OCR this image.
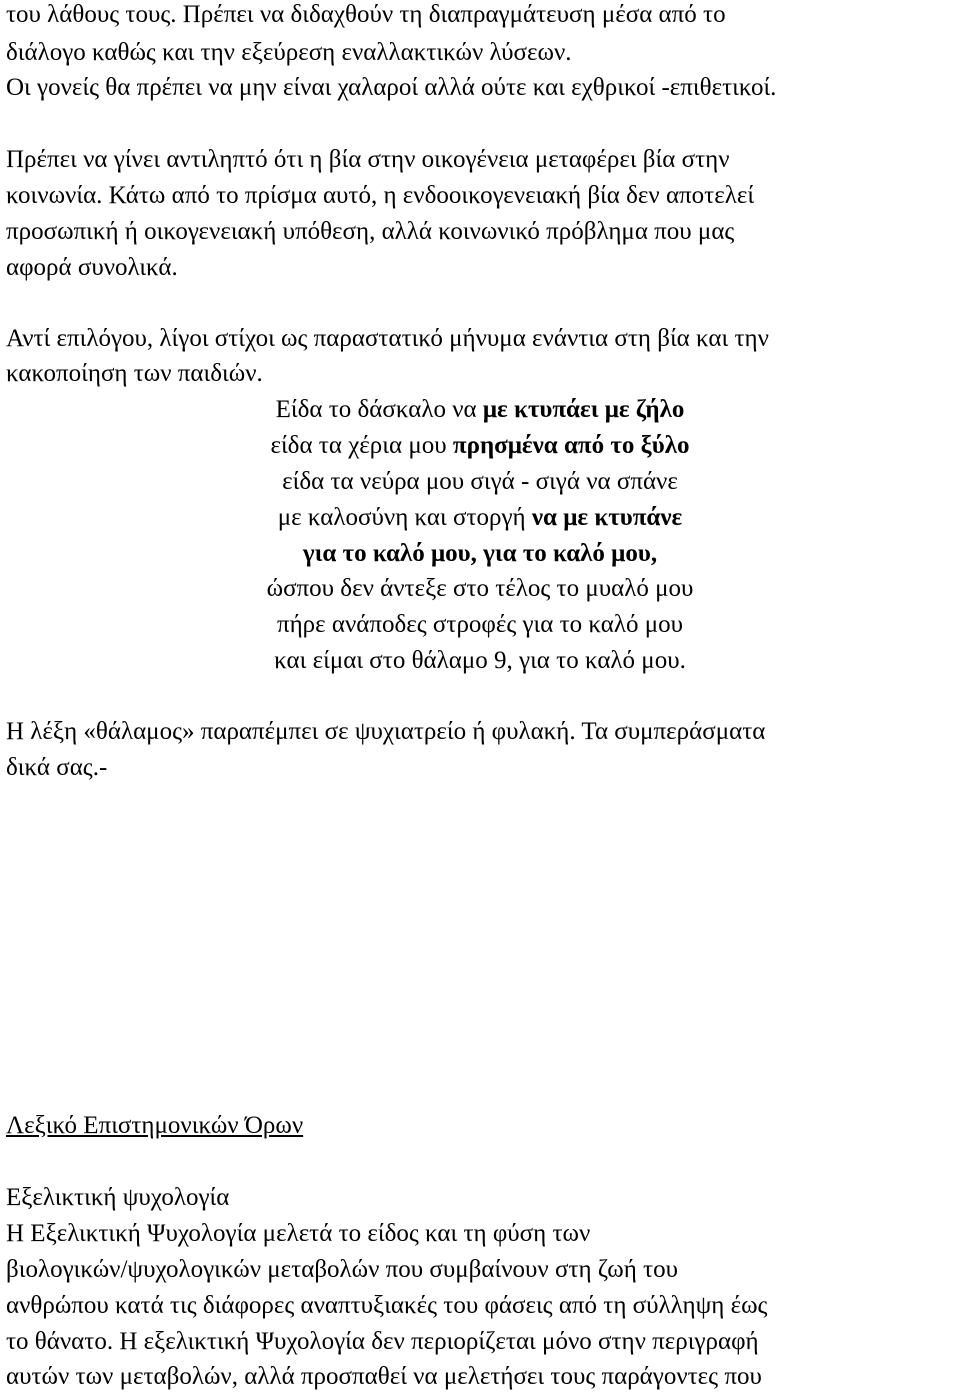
του λάθους τους. Πρέπει να διδαχθούν τη διαπραγμάτευση μέσα από το
διάλογο καθώς και την εξεύρεση εναλλακτικών λύσεων.
Οι γονείς θα πρέπει να μην είναι χαλαροί αλλά ούτε και εχθρικοί -επιθετικοί.
Πρέπει να γίνει αντιληπτό ότι η βία στην οικογένεια μεταφέρει βία στην
κοινωνία. Κάτω από το πρίσμα αυτό, η ενδοοικογενειακή βία δεν αποτελεί
προσωπική ή οικογενειακή υπόθεση, αλλά κοινωνικό πρόβλημα που μας
αφορά συνολικά.
Αντί επιλόγου, λίγοι στίχοι ως παραστατικό μήνυμα ενάντια στη βία και την
κακοποίηση των παιδιών.
Είδα το δάσκαλο να με κτυπάει με ζήλο
είδα τα χέρια μου πρησμένα από το ξύλο
είδα τα νεύρα μου σιγά - σιγά να σπάνε
με καλοσύνη και στοργή να με κτυπάνε
για το καλό μου, για το καλό μου,
ώσπου δεν άντεξε στο τέλος το μυαλό μου
πήρε ανάποδες στροφές για το καλό μου
και είμαι στο θάλαμο 9, για το καλό μου.
Η λέξη «θάλαμος» παραπέμπει σε ψυχιατρείο ή φυλακή. Τα συμπεράσματα
δικά σας.-
Λεξικό Επιστημονικών Όρων
Εξελικτική ψυχολογία
Η Εξελικτική Ψυχολογία μελετά το είδος και τη φύση των
βιολογικών/ψυχολογικών μεταβολών που συμβαίνουν στη ζωή του
ανθρώπου κατά τις διάφορες αναπτυξιακές του φάσεις από τη σύλληψη έως
το θάνατο. Η εξελικτική Ψυχολογία δεν περιορίζεται μόνο στην περιγραφή
αυτών των μεταβολών, αλλά προσπαθεί να μελετήσει τους παράγοντες που
